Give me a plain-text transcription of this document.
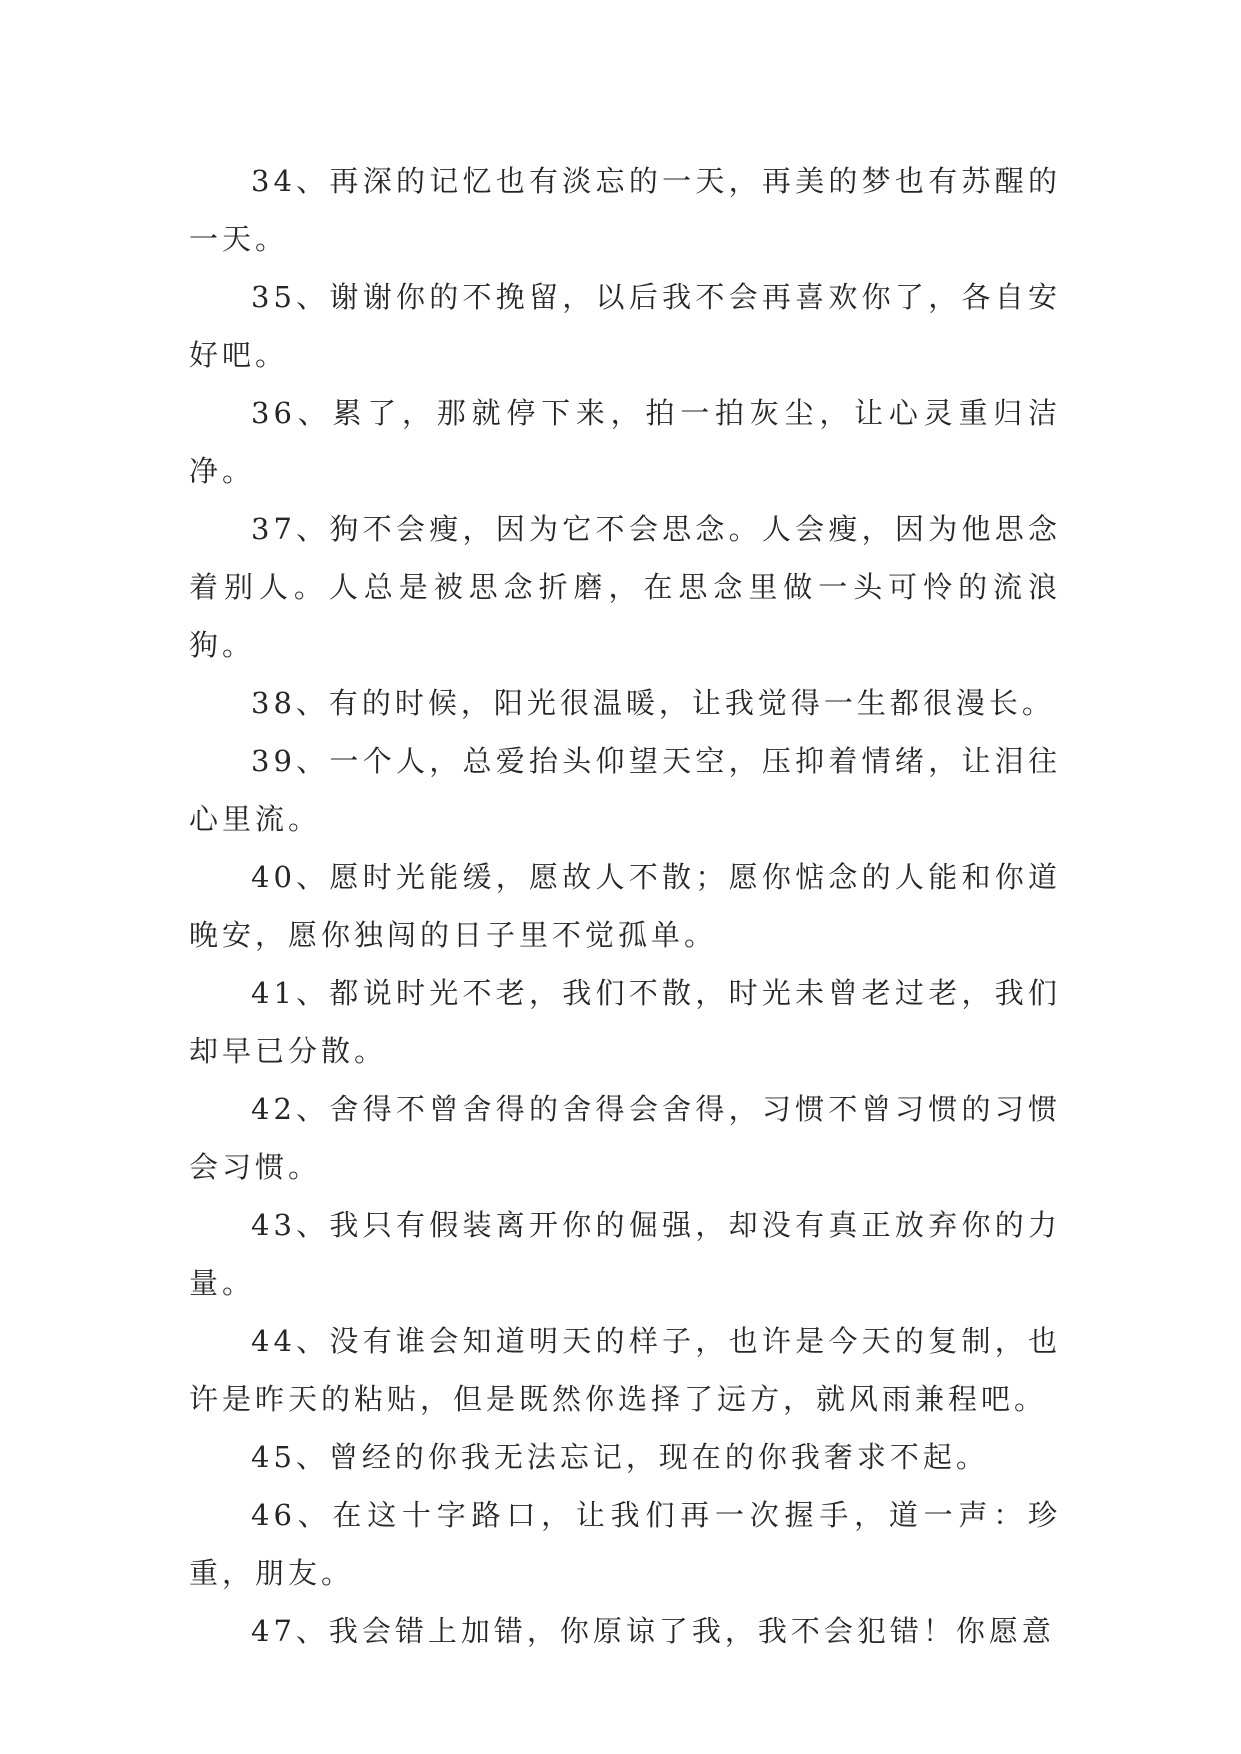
34、再深的记忆也有淡忘的一天，再美的梦也有苏醒的一天。

35、谢谢你的不挽留，以后我不会再喜欢你了，各自安好吧。

36、累了，那就停下来，拍一拍灰尘，让心灵重归洁净。

37、狗不会瘦，因为它不会思念。人会瘦，因为他思念着别人。人总是被思念折磨，在思念里做一头可怜的流浪狗。

38、有的时候，阳光很温暖，让我觉得一生都很漫长。

39、一个人，总爱抬头仰望天空，压抑着情绪，让泪往心里流。

40、愿时光能缓，愿故人不散；愿你惦念的人能和你道晚安，愿你独闯的日子里不觉孤单。

41、都说时光不老，我们不散，时光未曾老过老，我们却早已分散。

42、舍得不曾舍得的舍得会舍得，习惯不曾习惯的习惯会习惯。

43、我只有假装离开你的倔强，却没有真正放弃你的力量。

44、没有谁会知道明天的样子，也许是今天的复制，也许是昨天的粘贴，但是既然你选择了远方，就风雨兼程吧。

45、曾经的你我无法忘记，现在的你我奢求不起。

46、在这十字路口，让我们再一次握手，道一声：珍重，朋友。

47、我会错上加错，你原谅了我，我不会犯错！你愿意
